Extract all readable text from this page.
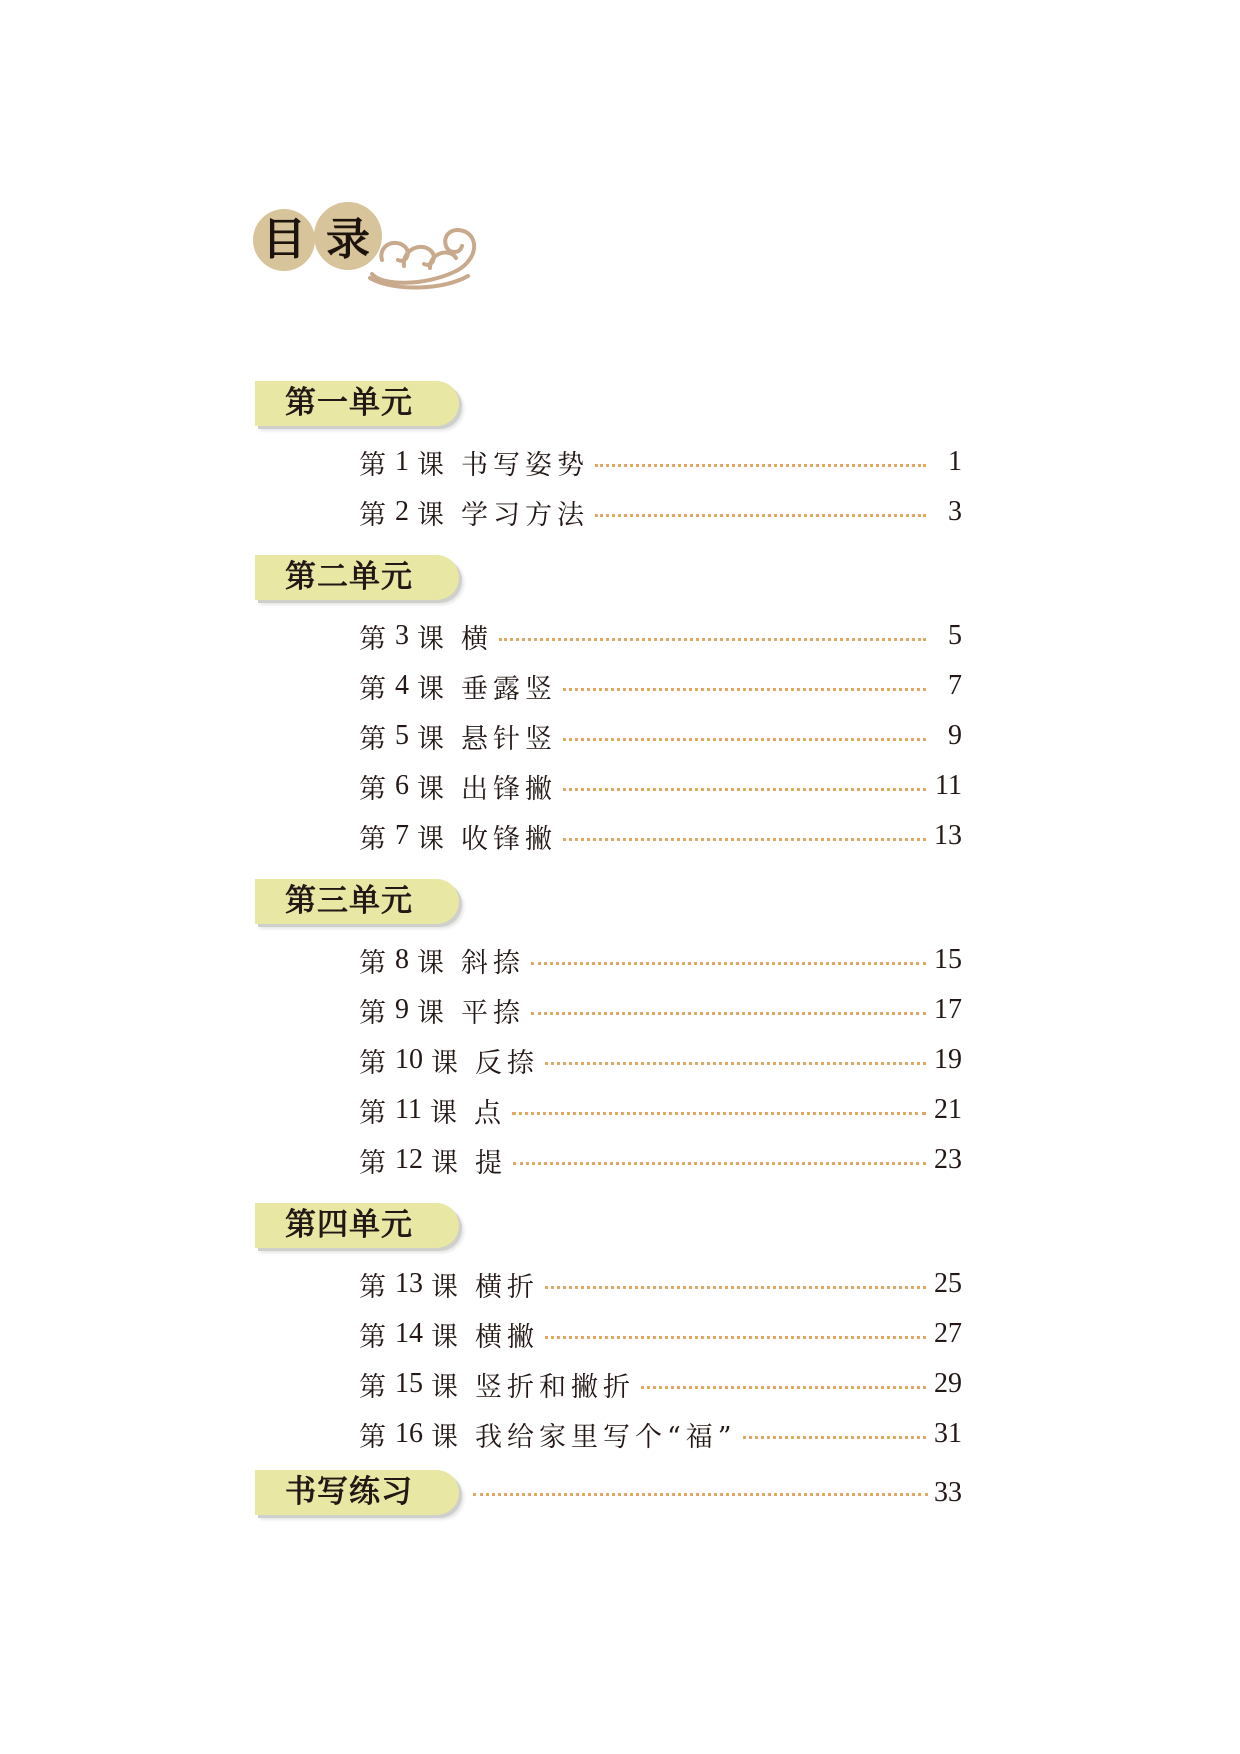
目 录
第一单元
第 1 课 书写姿势	1
第 2 课 学习方法	3
第二单元
第 3 课 横	5
第 4 课 垂露竖	7
第 5 课 悬针竖	9
第 6 课 出锋撇	11
第 7 课 收锋撇	13
第三单元
第 8 课 斜捺	15
第 9 课 平捺	17
第 10 课 反捺	19
第 11 课 点	21
第 12 课 提	23
第四单元
第 13 课 横折	25
第 14 课 横撇	27
第 15 课 竖折和撇折	29
第 16 课 我给家里写个“福”	31
书写练习	33
